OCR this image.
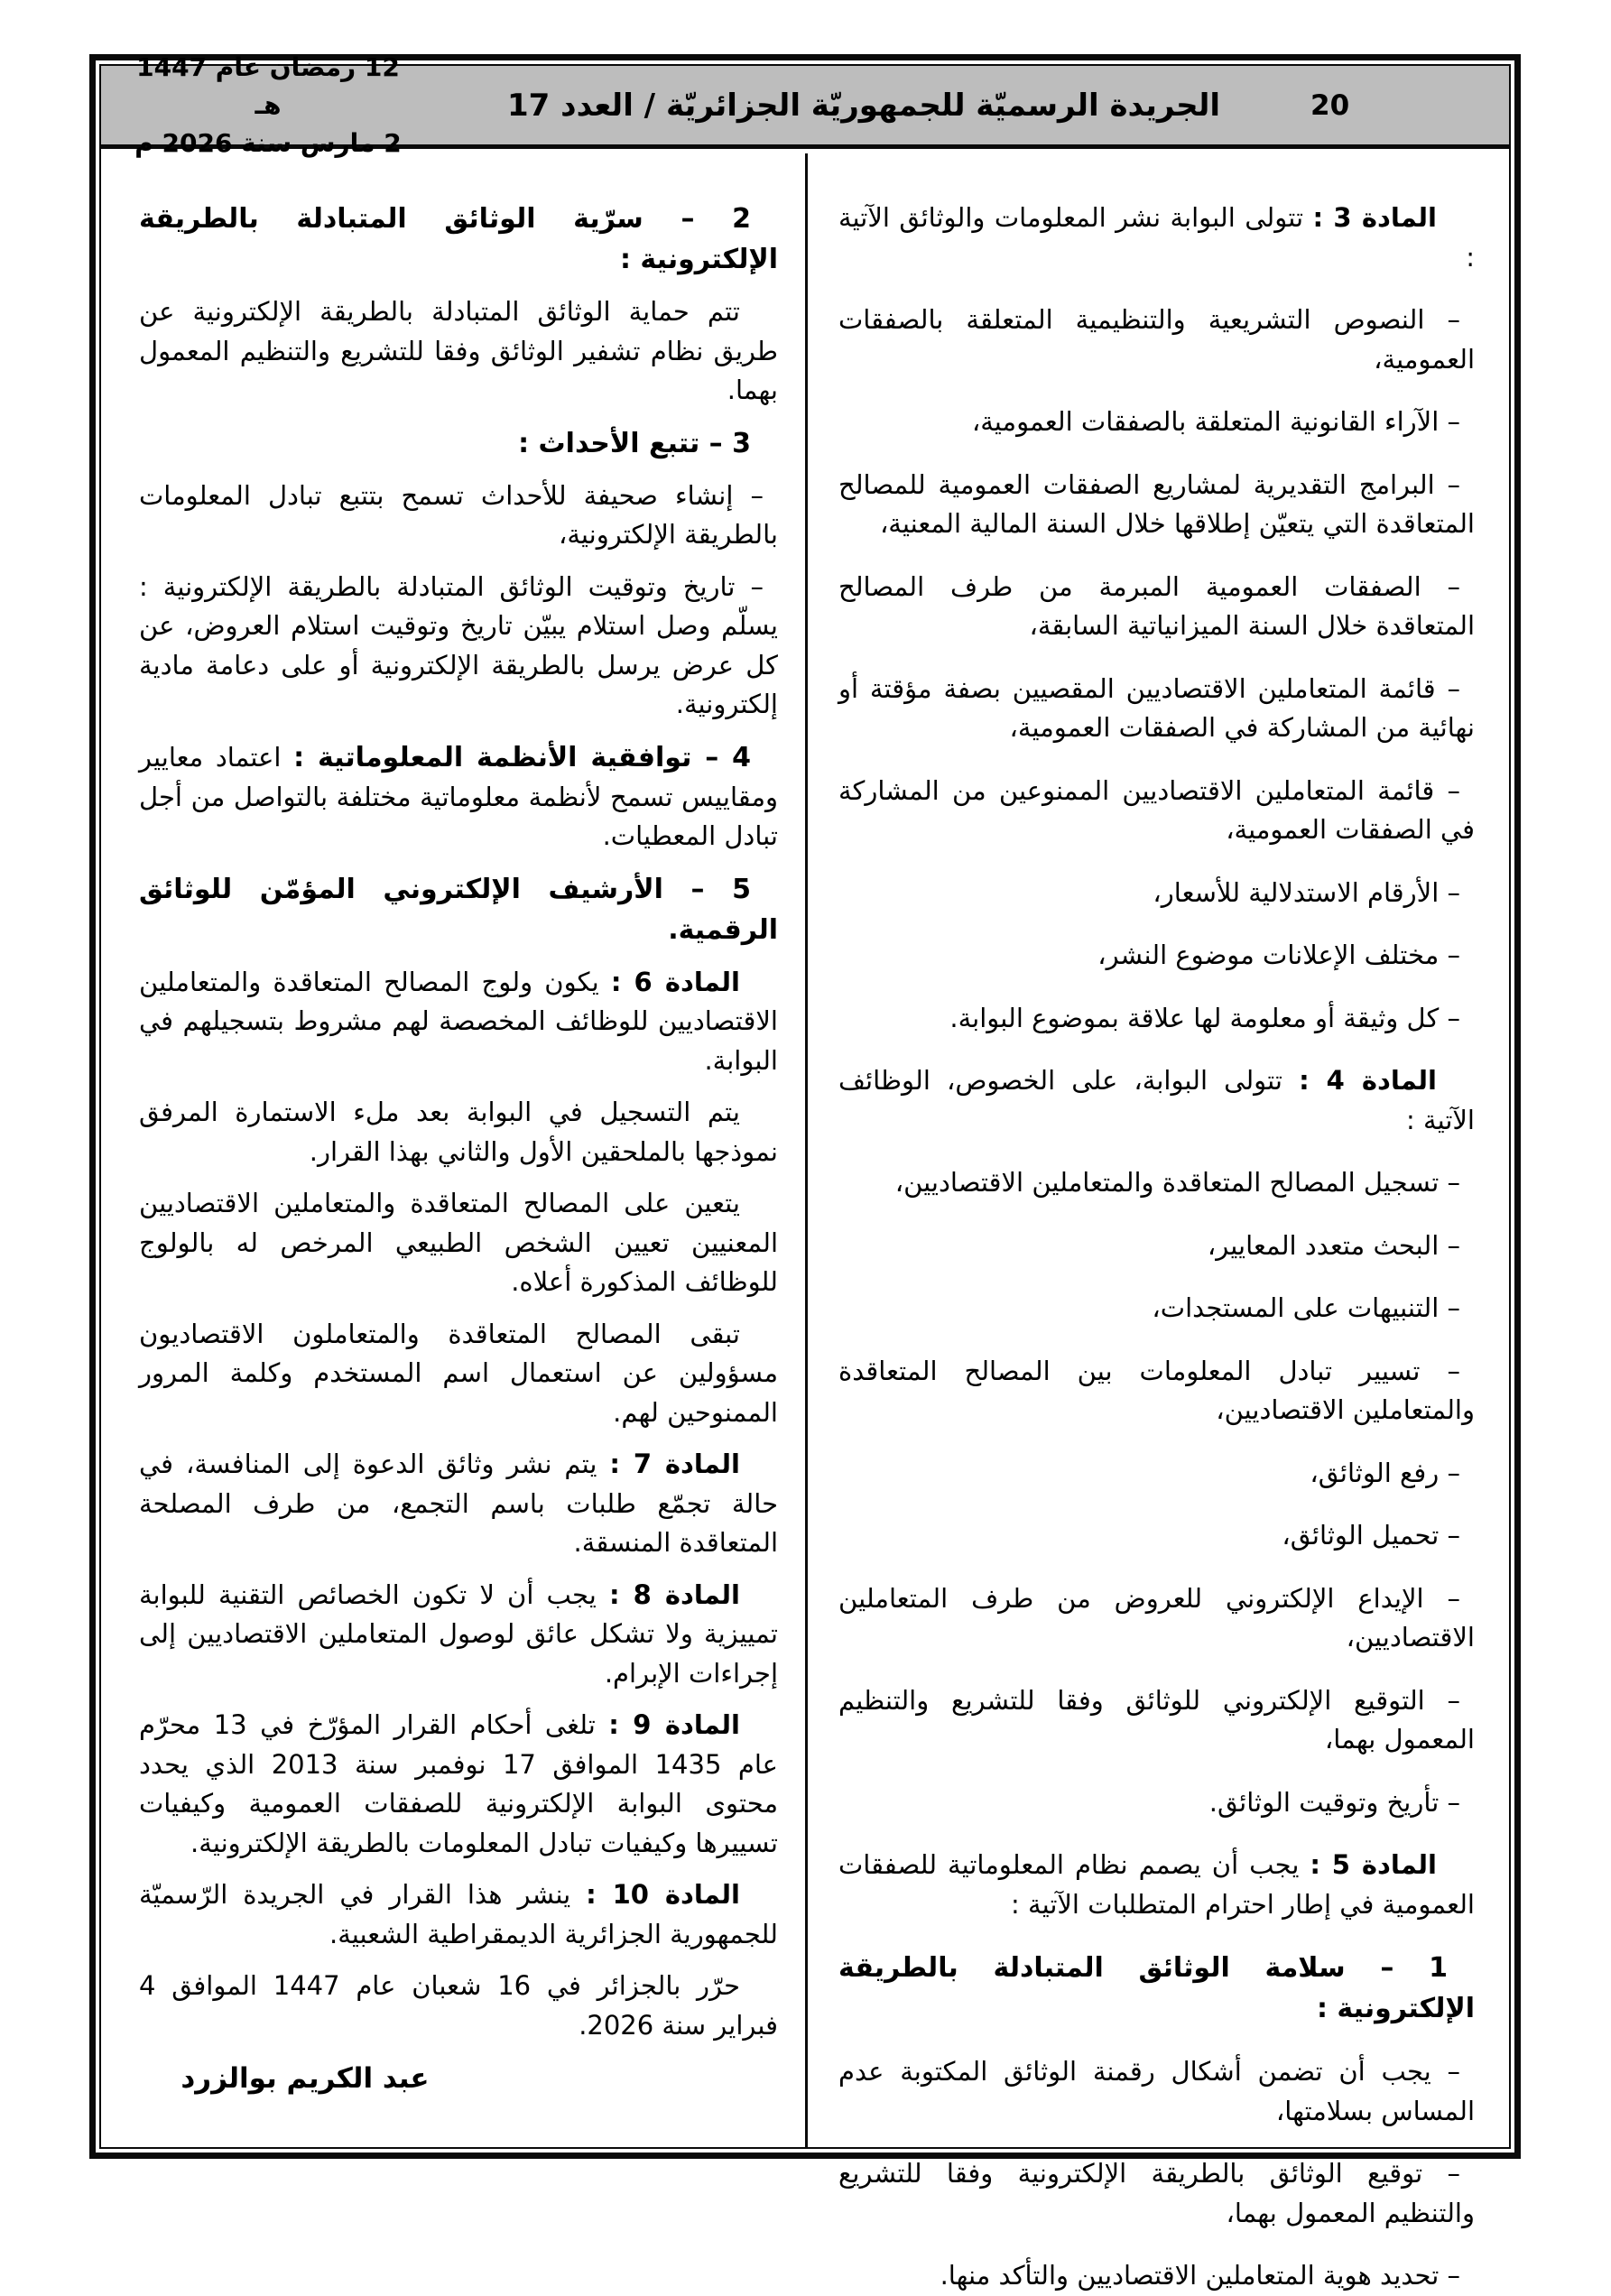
20
الجريدة الرسميّة للجمهوريّة الجزائريّة / العدد 17
12 رمضان عام 1447 هـ
2 مارس سنة 2026 م

المادة 3 : تتولى البوابة نشر المعلومات والوثائق الآتية :

– النصوص التشريعية والتنظيمية المتعلقة بالصفقات العمومية،

– الآراء القانونية المتعلقة بالصفقات العمومية،

– البرامج التقديرية لمشاريع الصفقات العمومية للمصالح المتعاقدة التي يتعيّن إطلاقها خلال السنة المالية المعنية،

– الصفقات العمومية المبرمة من طرف المصالح المتعاقدة خلال السنة الميزانياتية السابقة،

– قائمة المتعاملين الاقتصاديين المقصيين بصفة مؤقتة أو نهائية من المشاركة في الصفقات العمومية،

– قائمة المتعاملين الاقتصاديين الممنوعين من المشاركة في الصفقات العمومية،

– الأرقام الاستدلالية للأسعار،

– مختلف الإعلانات موضوع النشر،

– كل وثيقة أو معلومة لها علاقة بموضوع البوابة.

المادة 4 : تتولى البوابة، على الخصوص، الوظائف الآتية :

– تسجيل المصالح المتعاقدة والمتعاملين الاقتصاديين،

– البحث متعدد المعايير،

– التنبيهات على المستجدات،

– تسيير تبادل المعلومات بين المصالح المتعاقدة والمتعاملين الاقتصاديين،

– رفع الوثائق،

– تحميل الوثائق،

– الإيداع الإلكتروني للعروض من طرف المتعاملين الاقتصاديين،

– التوقيع الإلكتروني للوثائق وفقا للتشريع والتنظيم المعمول بهما،

– تأريخ وتوقيت الوثائق.

المادة 5 : يجب أن يصمم نظام المعلوماتية للصفقات العمومية في إطار احترام المتطلبات الآتية :

1 – سلامة الوثائق المتبادلة بالطريقة الإلكترونية :

– يجب أن تضمن أشكال رقمنة الوثائق المكتوبة عدم المساس بسلامتها،

– توقيع الوثائق بالطريقة الإلكترونية وفقا للتشريع والتنظيم المعمول بهما،

– تحديد هوية المتعاملين الاقتصاديين والتأكد منها.

2 – سرّية الوثائق المتبادلة بالطريقة الإلكترونية :

تتم حماية الوثائق المتبادلة بالطريقة الإلكترونية عن طريق نظام تشفير الوثائق وفقا للتشريع والتنظيم المعمول بهما.

3 – تتبع الأحداث :

– إنشاء صحيفة للأحداث تسمح بتتبع تبادل المعلومات بالطريقة الإلكترونية،

– تاريخ وتوقيت الوثائق المتبادلة بالطريقة الإلكترونية : يسلّم وصل استلام يبيّن تاريخ وتوقيت استلام العروض، عن كل عرض يرسل بالطريقة الإلكترونية أو على دعامة مادية إلكترونية.

4 – توافقية الأنظمة المعلوماتية : اعتماد معايير ومقاييس تسمح لأنظمة معلوماتية مختلفة بالتواصل من أجل تبادل المعطيات.

5 – الأرشيف الإلكتروني المؤمّن للوثائق الرقمية.

المادة 6 : يكون ولوج المصالح المتعاقدة والمتعاملين الاقتصاديين للوظائف المخصصة لهم مشروط بتسجيلهم في البوابة.

يتم التسجيل في البوابة بعد ملء الاستمارة المرفق نموذجها بالملحقين الأول والثاني بهذا القرار.

يتعين على المصالح المتعاقدة والمتعاملين الاقتصاديين المعنيين تعيين الشخص الطبيعي المرخص له بالولوج للوظائف المذكورة أعلاه.

تبقى المصالح المتعاقدة والمتعاملون الاقتصاديون مسؤولين عن استعمال اسم المستخدم وكلمة المرور الممنوحين لهم.

المادة 7 : يتم نشر وثائق الدعوة إلى المنافسة، في حالة تجمّع طلبات باسم التجمع، من طرف المصلحة المتعاقدة المنسقة.

المادة 8 : يجب أن لا تكون الخصائص التقنية للبوابة تمييزية ولا تشكل عائق لوصول المتعاملين الاقتصاديين إلى إجراءات الإبرام.

المادة 9 : تلغى أحكام القرار المؤرّخ في 13 محرّم عام 1435 الموافق 17 نوفمبر سنة 2013 الذي يحدد محتوى البوابة الإلكترونية للصفقات العمومية وكيفيات تسييرها وكيفيات تبادل المعلومات بالطريقة الإلكترونية.

المادة 10 : ينشر هذا القرار في الجريدة الرّسميّة للجمهورية الجزائرية الديمقراطية الشعبية.

حرّر بالجزائر في 16 شعبان عام 1447 الموافق 4 فبراير سنة 2026.

عبد الكريم بوالزرد
